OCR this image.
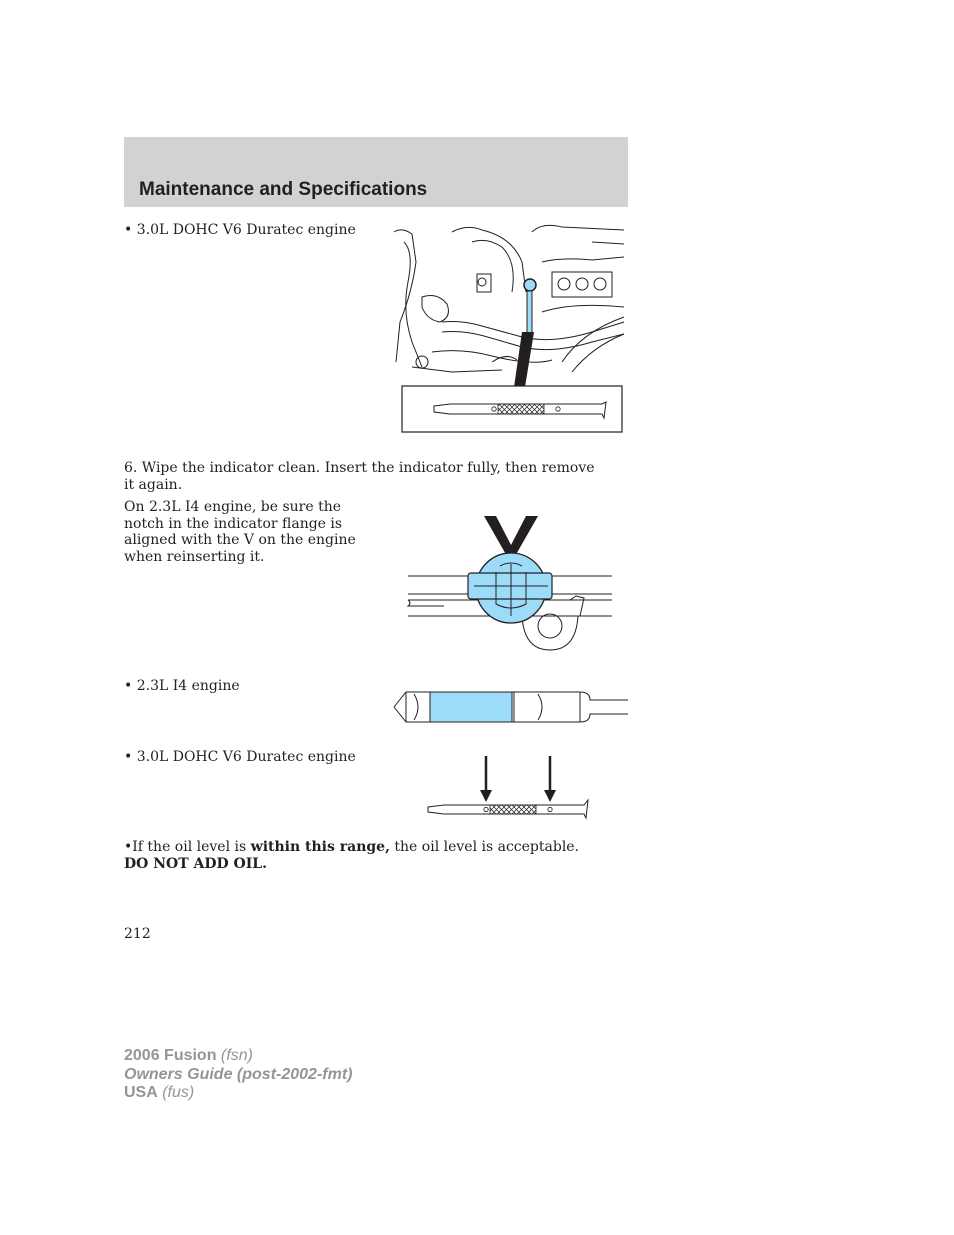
Maintenance and Specifications
• 3.0L DOHC V6 Duratec engine
6. Wipe the indicator clean. Insert the indicator fully, then remove it again.
On 2.3L I4 engine, be sure the notch in the indicator flange is aligned with the V on the engine when reinserting it.
• 2.3L I4 engine
• 3.0L DOHC V6 Duratec engine
•If the oil level is within this range, the oil level is acceptable.
DO NOT ADD OIL.
212
V
2006 Fusion (fsn)
Owners Guide (post-2002-fmt)
USA (fus)
